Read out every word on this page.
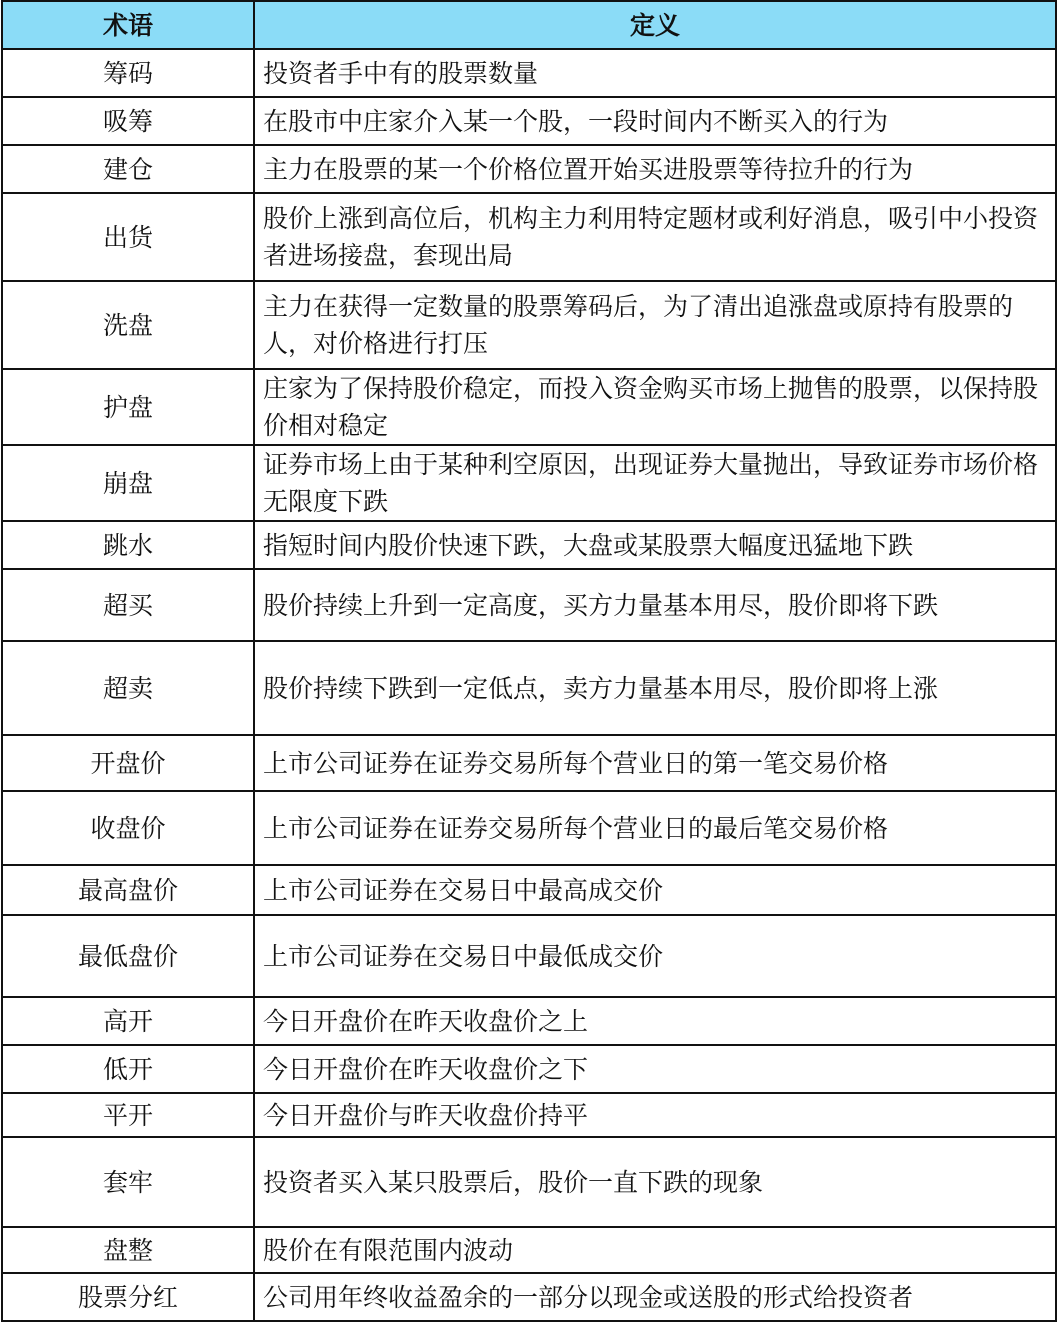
术语	定义
筹码	投资者手中有的股票数量
吸筹	在股市中庄家介入某一个股，一段时间内不断买入的行为
建仓	主力在股票的某一个价格位置开始买进股票等待拉升的行为
出货	股价上涨到高位后，机构主力利用特定题材或利好消息，吸引中小投资者进场接盘，套现出局
洗盘	主力在获得一定数量的股票筹码后，为了清出追涨盘或原持有股票的人，对价格进行打压
护盘	庄家为了保持股价稳定，而投入资金购买市场上抛售的股票，以保持股价相对稳定
崩盘	证券市场上由于某种利空原因，出现证券大量抛出，导致证券市场价格无限度下跌
跳水	指短时间内股价快速下跌，大盘或某股票大幅度迅猛地下跌
超买	股价持续上升到一定高度，买方力量基本用尽，股价即将下跌
超卖	股价持续下跌到一定低点，卖方力量基本用尽，股价即将上涨
开盘价	上市公司证券在证券交易所每个营业日的第一笔交易价格
收盘价	上市公司证券在证券交易所每个营业日的最后笔交易价格
最高盘价	上市公司证券在交易日中最高成交价
最低盘价	上市公司证券在交易日中最低成交价
高开	今日开盘价在昨天收盘价之上
低开	今日开盘价在昨天收盘价之下
平开	今日开盘价与昨天收盘价持平
套牢	投资者买入某只股票后，股价一直下跌的现象
盘整	股价在有限范围内波动
股票分红	公司用年终收益盈余的一部分以现金或送股的形式给投资者
